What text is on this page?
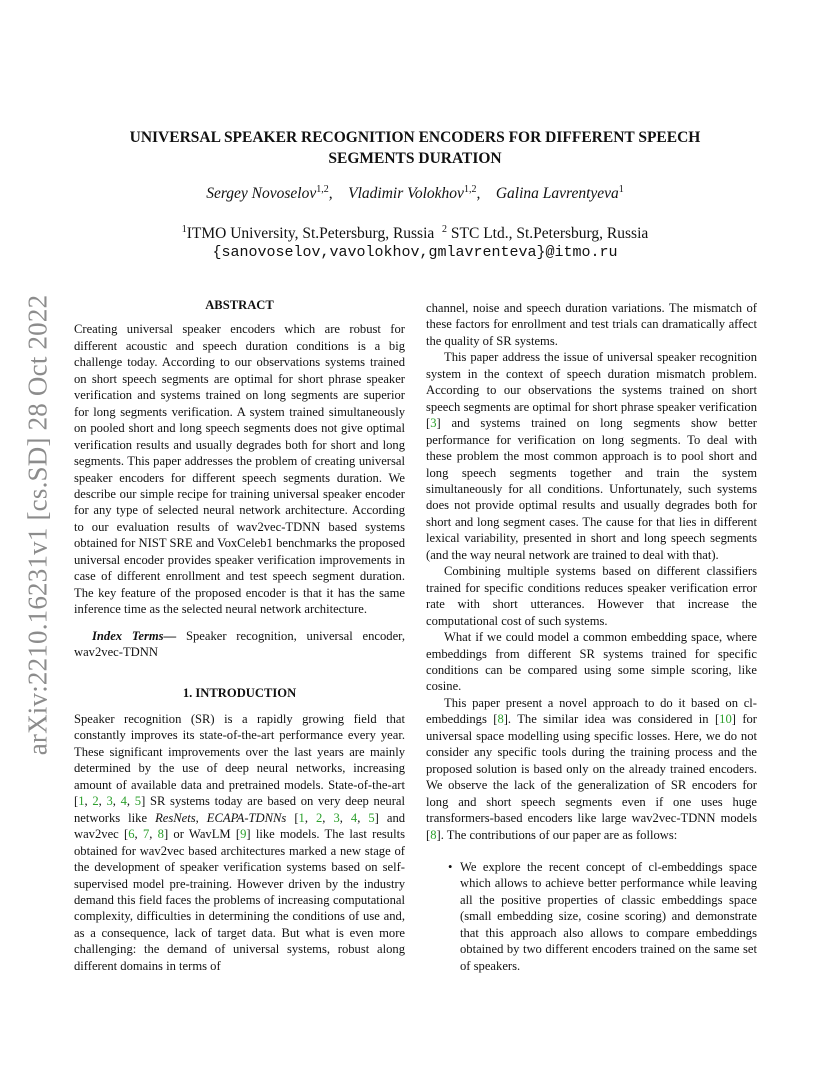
arXiv:2210.16231v1 [cs.SD] 28 Oct 2022
UNIVERSAL SPEAKER RECOGNITION ENCODERS FOR DIFFERENT SPEECH
SEGMENTS DURATION
Sergey Novoselov$^{1,2}$,    Vladimir Volokhov$^{1,2}$,    Galina Lavrentyeva$^1$
$^1$ITMO University, St.Petersburg, Russia $^2$ STC Ltd., St.Petersburg, Russia
{sanovoselov,vavolokhov,gmlavrenteva}@itmo.ru

ABSTRACT

Creating universal speaker encoders which are robust for different acoustic and speech duration conditions is a big challenge today. According to our observations systems trained on short speech segments are optimal for short phrase speaker verification and systems trained on long segments are superior for long segments verification. A system trained simultaneously on pooled short and long speech segments does not give optimal verification results and usually degrades both for short and long segments. This paper addresses the problem of creating universal speaker encoders for different speech segments duration. We describe our simple recipe for training universal speaker encoder for any type of selected neural network architecture. According to our evaluation results of wav2vec-TDNN based systems obtained for NIST SRE and VoxCeleb1 benchmarks the proposed universal encoder provides speaker verification improvements in case of different enrollment and test speech segment duration. The key feature of the proposed encoder is that it has the same inference time as the selected neural network architecture.

Index Terms— Speaker recognition, universal encoder, wav2vec-TDNN

1. INTRODUCTION

Speaker recognition (SR) is a rapidly growing field that constantly improves its state-of-the-art performance every year. These significant improvements over the last years are mainly determined by the use of deep neural networks, increasing amount of available data and pretrained models. State-of-the-art [1, 2, 3, 4, 5] SR systems today are based on very deep neural networks like ResNets, ECAPA-TDNNs [1, 2, 3, 4, 5] and wav2vec [6, 7, 8] or WavLM [9] like models. The last results obtained for wav2vec based architectures marked a new stage of the development of speaker verification systems based on self-supervised model pre-training. However driven by the industry demand this field faces the problems of increasing computational complexity, difficulties in determining the conditions of use and, as a consequence, lack of target data. But what is even more challenging: the demand of universal systems, robust along different domains in terms of

channel, noise and speech duration variations. The mismatch of these factors for enrollment and test trials can dramatically affect the quality of SR systems.

This paper address the issue of universal speaker recognition system in the context of speech duration mismatch problem. According to our observations the systems trained on short speech segments are optimal for short phrase speaker verification [3] and systems trained on long segments show better performance for verification on long segments. To deal with these problem the most common approach is to pool short and long speech segments together and train the system simultaneously for all conditions. Unfortunately, such systems does not provide optimal results and usually degrades both for short and long segment cases. The cause for that lies in different lexical variability, presented in short and long speech segments (and the way neural network are trained to deal with that).

Combining multiple systems based on different classifiers trained for specific conditions reduces speaker verification error rate with short utterances. However that increase the computational cost of such systems.

What if we could model a common embedding space, where embeddings from different SR systems trained for specific conditions can be compared using some simple scoring, like cosine.

This paper present a novel approach to do it based on cl-embeddings [8]. The similar idea was considered in [10] for universal space modelling using specific losses. Here, we do not consider any specific tools during the training process and the proposed solution is based only on the already trained encoders. We observe the lack of the generalization of SR encoders for long and short speech segments even if one uses huge transformers-based encoders like large wav2vec-TDNN models [8]. The contributions of our paper are as follows:

• We explore the recent concept of cl-embeddings space which allows to achieve better performance while leaving all the positive properties of classic embeddings space (small embedding size, cosine scoring) and demonstrate that this approach also allows to compare embeddings obtained by two different encoders trained on the same set of speakers.
